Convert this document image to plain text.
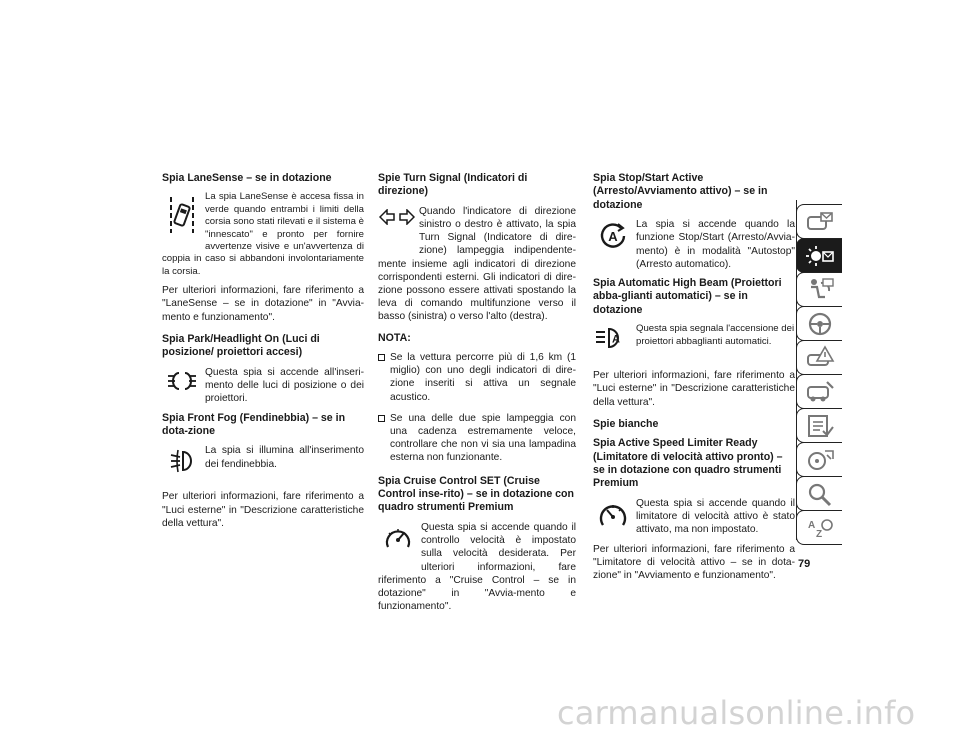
Spia LaneSense – se in dotazione
La spia LaneSense è accesa fissa in verde quando entrambi i limiti della corsia sono stati rilevati e il sistema è "innescato" e pronto per fornire avvertenze visive e un'avvertenza di coppia in caso si abbandoni involontariamente la corsia.

Per ulteriori informazioni, fare riferimento a "LaneSense – se in dotazione" in "Avvia-mento e funzionamento".

Spia Park/Headlight On (Luci di posizione/ proiettori accesi)
Questa spia si accende all'inseri-mento delle luci di posizione o dei proiettori.
Spia Front Fog (Fendinebbia) – se in dota-zione
La spia si illumina all'inserimento dei fendinebbia.

Per ulteriori informazioni, fare riferimento a "Luci esterne" in "Descrizione caratteristiche della vettura".

Spie Turn Signal (Indicatori di direzione)
Quando l'indicatore di direzione sinistro o destro è attivato, la spia Turn Signal (Indicatore di dire-zione) lampeggia indipendente-mente insieme agli indicatori di direzione corrispondenti esterni. Gli indicatori di dire-zione possono essere attivati spostando la leva di comando multifunzione verso il basso (sinistra) o verso l'alto (destra).
NOTA:
Se la vettura percorre più di 1,6 km (1 miglio) con uno degli indicatori di dire-zione inseriti si attiva un segnale acustico.
Se una delle due spie lampeggia con una cadenza estremamente veloce, controllare che non vi sia una lampadina esterna non funzionante.
Spia Cruise Control SET (Cruise Control inse-rito) – se in dotazione con quadro strumenti Premium
Questa spia si accende quando il controllo velocità è impostato sulla velocità desiderata. Per ulteriori informazioni, fare riferimento a "Cruise Control – se in dotazione" in "Avvia-mento e funzionamento".
Spia Stop/Start Active (Arresto/Avviamento attivo) – se in dotazione
A
La spia si accende quando la funzione Stop/Start (Arresto/Avvia-mento) è in modalità "Autostop" (Arresto automatico).
Spia Automatic High Beam (Proiettori abba-glianti automatici) – se in dotazione
A
Questa spia segnala l'accensione dei proiettori abbaglianti automatici.

Per ulteriori informazioni, fare riferimento a "Luci esterne" in "Descrizione caratteristiche della vettura".

Spie bianche
Spia Active Speed Limiter Ready (Limitatore di velocità attivo pronto) – se in dotazione con quadro strumenti Premium
Questa spia si accende quando il limitatore di velocità attivo è stato attivato, ma non impostato.

Per ulteriori informazioni, fare riferimento a "Limitatore di velocità attivo – se in dota-zione" in "Avviamento e funzionamento".

A
Z
79
carmanualsonline.info
